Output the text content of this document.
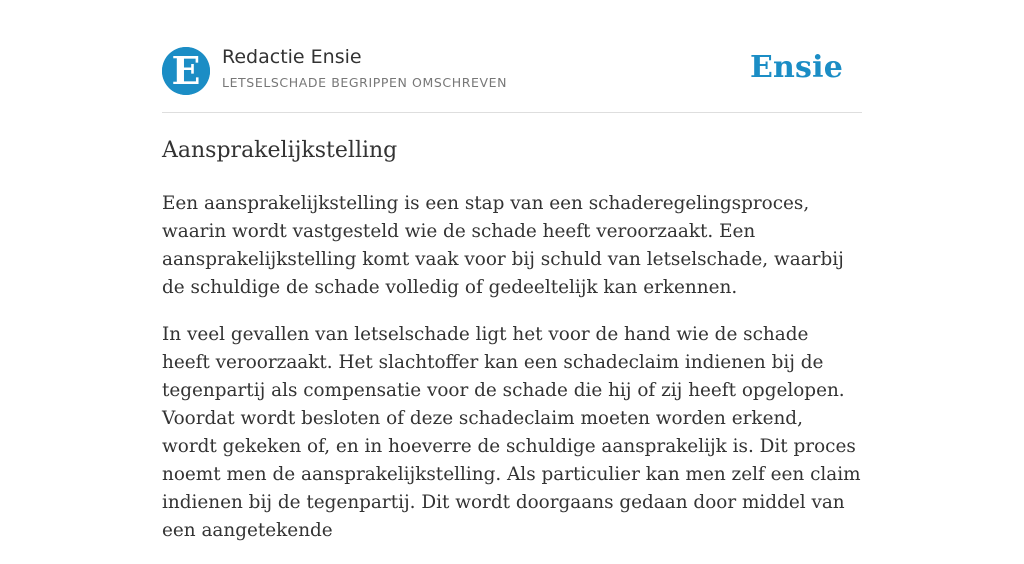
E Redactie Ensie
LETSELSCHADE BEGRIPPEN OMSCHREVEN	Ensie
Aansprakelijkstelling

Een aansprakelijkstelling is een stap van een schaderegelingsproces, waarin wordt vastgesteld wie de schade heeft veroorzaakt. Een aansprakelijkstelling komt vaak voor bij schuld van letselschade, waarbij de schuldige de schade volledig of gedeeltelijk kan erkennen.

In veel gevallen van letselschade ligt het voor de hand wie de schade heeft veroorzaakt. Het slachtoffer kan een schadeclaim indienen bij de tegenpartij als compensatie voor de schade die hij of zij heeft opgelopen. Voordat wordt besloten of deze schadeclaim moeten worden erkend, wordt gekeken of, en in hoeverre de schuldige aansprakelijk is. Dit proces noemt men de aansprakelijkstelling. Als particulier kan men zelf een claim indienen bij de tegenpartij. Dit wordt doorgaans gedaan door middel van een aangetekende
